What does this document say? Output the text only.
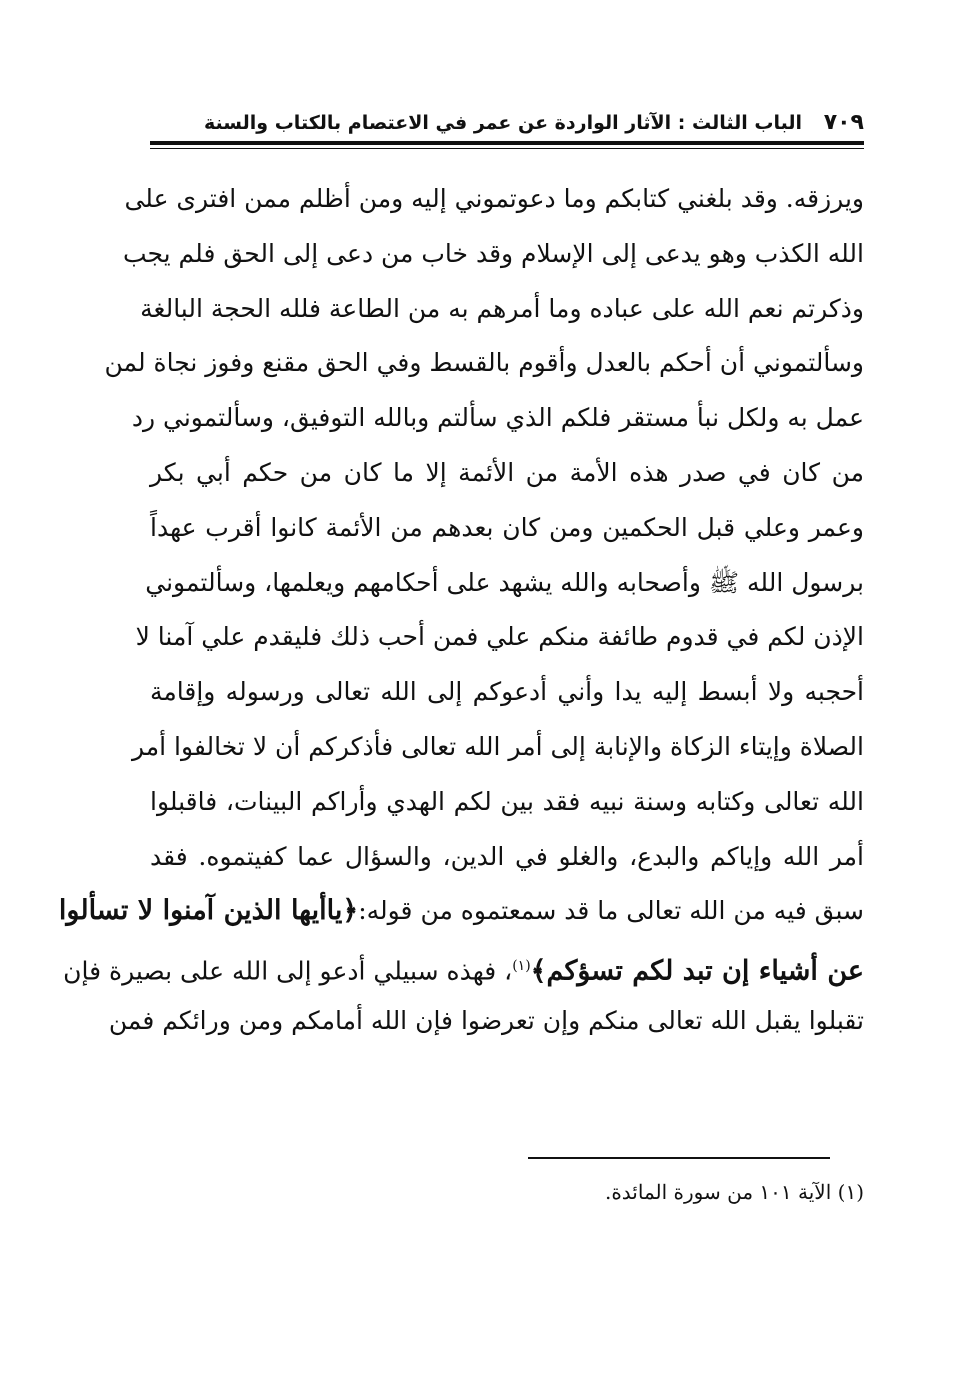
٧٠٩
الباب الثالث : الآثار الواردة عن عمر في الاعتصام بالكتاب والسنة
ويرزقه. وقد بلغني كتابكم وما دعوتموني إليه ومن أظلم ممن افترى على
الله الكذب وهو يدعى إلى الإسلام وقد خاب من دعى إلى الحق فلم يجب
وذكرتم نعم الله على عباده وما أمرهم به من الطاعة فلله الحجة البالغة
وسألتموني أن أحكم بالعدل وأقوم بالقسط وفي الحق مقنع وفوز نجاة لمن
عمل به ولكل نبأ مستقر فلكم الذي سألتم وبالله التوفيق، وسألتموني رد
من كان في صدر هذه الأمة من الأئمة إلا ما كان من حكم أبي بكر
وعمر وعلي قبل الحكمين ومن كان بعدهم من الأئمة كانوا أقرب عهداً
برسول الله ﷺ وأصحابه والله يشهد على أحكامهم ويعلمها، وسألتموني
الإذن لكم في قدوم طائفة منكم علي فمن أحب ذلك فليقدم علي آمنا لا
أحجبه ولا أبسط إليه يدا وأني أدعوكم إلى الله تعالى ورسوله وإقامة
الصلاة وإيتاء الزكاة والإنابة إلى أمر الله تعالى فأذكركم أن لا تخالفوا أمر
الله تعالى وكتابه وسنة نبيه فقد بين لكم الهدي وأراكم البينات، فاقبلوا
أمر الله وإياكم والبدع، والغلو في الدين، والسؤال عما كفيتموه. فقد
سبق فيه من الله تعالى ما قد سمعتموه من قوله:﴿ياأيها الذين آمنوا لا تسألوا
عن أشياء إن تبد لكم تسؤكم﴾$^{(١)}$، فهذه سبيلي أدعو إلى الله على بصيرة فإن
تقبلوا يقبل الله تعالى منكم وإن تعرضوا فإن الله أمامكم ومن ورائكم فمن
(١) الآية ١٠١ من سورة المائدة.
